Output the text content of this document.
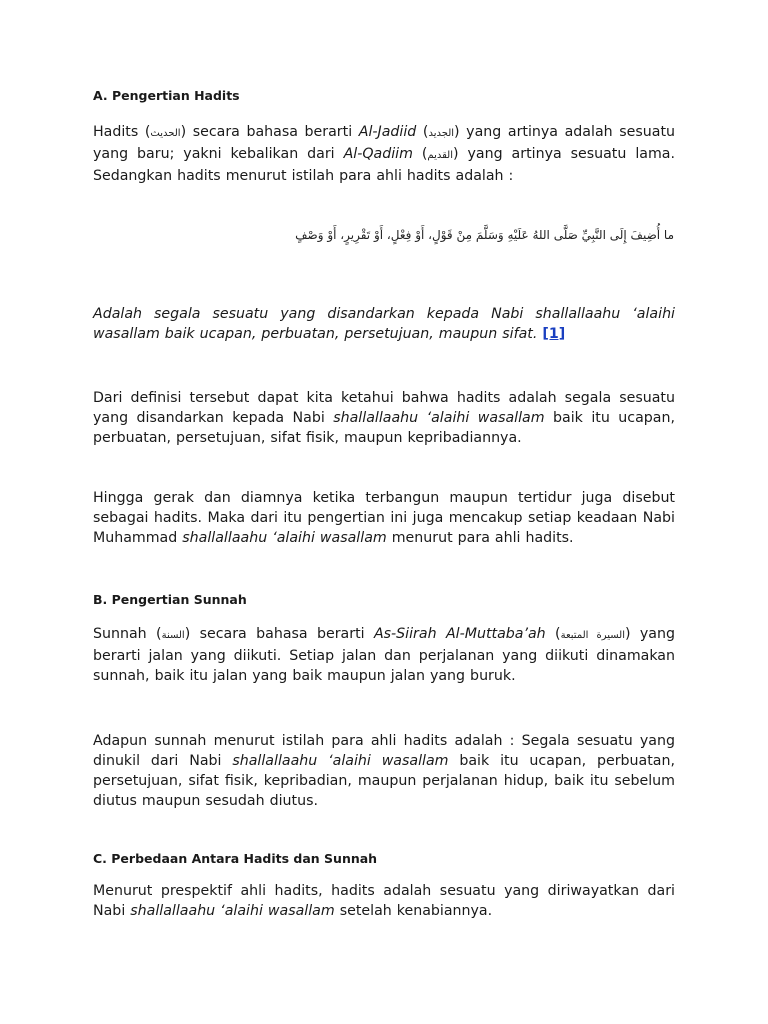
A. Pengertian Hadits

Hadits (الحديث) secara bahasa berarti Al-Jadiid (الجديد) yang artinya adalah sesuatu yang baru; yakni kebalikan dari Al-Qadiim (القديم) yang artinya sesuatu lama. Sedangkan hadits menurut istilah para ahli hadits adalah :

ما أُضِيفَ إِلَى النَّبِيِّ صَلَّى اللهُ عَلَيْهِ وَسَلَّمَ مِنْ قَوْلٍ، أَوْ فِعْلٍ، أَوْ تَقْرِيرٍ، أَوْ وَصْفٍ

Adalah segala sesuatu yang disandarkan kepada Nabi shallallaahu ‘alaihi wasallam baik ucapan, perbuatan, persetujuan, maupun sifat. [1]

Dari definisi tersebut dapat kita ketahui bahwa hadits adalah segala sesuatu yang disandarkan kepada Nabi shallallaahu ‘alaihi wasallam baik itu ucapan, perbuatan, persetujuan, sifat fisik, maupun kepribadiannya.

Hingga gerak dan diamnya ketika terbangun maupun tertidur juga disebut sebagai hadits. Maka dari itu pengertian ini juga mencakup setiap keadaan Nabi Muhammad shallallaahu ‘alaihi wasallam menurut para ahli hadits.

B. Pengertian Sunnah

Sunnah (السنة) secara bahasa berarti As-Siirah Al-Muttaba’ah (السيرة المتبعة) yang berarti jalan yang diikuti. Setiap jalan dan perjalanan yang diikuti dinamakan sunnah, baik itu jalan yang baik maupun jalan yang buruk.

Adapun sunnah menurut istilah para ahli hadits adalah : Segala sesuatu yang dinukil dari Nabi shallallaahu ‘alaihi wasallam baik itu ucapan, perbuatan, persetujuan, sifat fisik, kepribadian, maupun perjalanan hidup, baik itu sebelum diutus maupun sesudah diutus.

C. Perbedaan Antara Hadits dan Sunnah

Menurut prespektif ahli hadits, hadits adalah sesuatu yang diriwayatkan dari Nabi shallallaahu ‘alaihi wasallam setelah kenabiannya.
